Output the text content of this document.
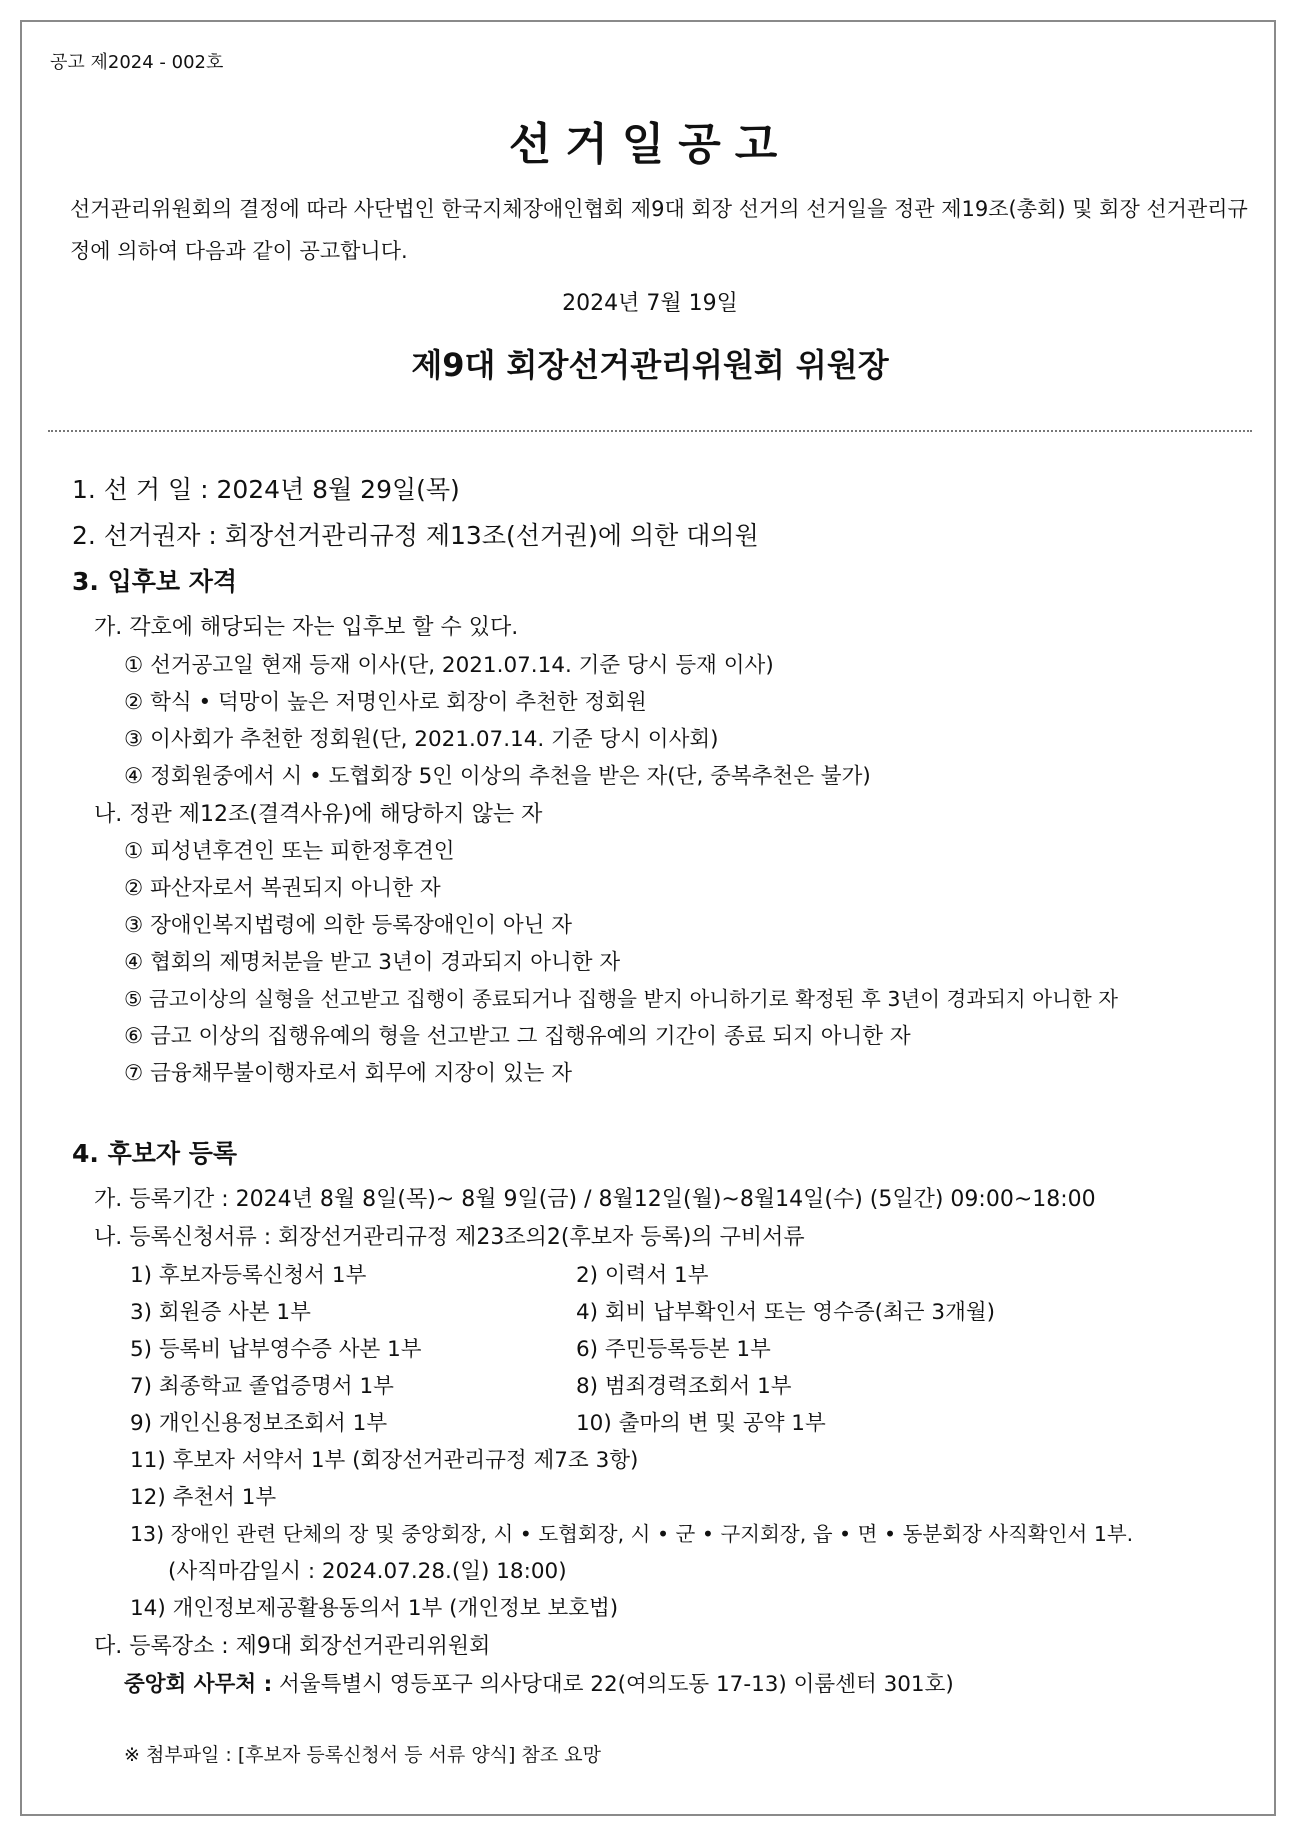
공고 제2024 - 002호
선거일공고
선거관리위원회의 결정에 따라 사단법인 한국지체장애인협회 제9대 회장 선거의 선거일을 정관 제19조(총회) 및 회장 선거관리규정에 의하여 다음과 같이 공고합니다.
2024년 7월 19일
제9대 회장선거관리위원회 위원장
1. 선 거 일 : 2024년 8월 29일(목)
2. 선거권자 : 회장선거관리규정 제13조(선거권)에 의한 대의원
3. 입후보 자격
가. 각호에 해당되는 자는 입후보 할 수 있다.
① 선거공고일 현재 등재 이사(단, 2021.07.14. 기준 당시 등재 이사)
② 학식 • 덕망이 높은 저명인사로 회장이 추천한 정회원
③ 이사회가 추천한 정회원(단, 2021.07.14. 기준 당시 이사회)
④ 정회원중에서 시 • 도협회장 5인 이상의 추천을 받은 자(단, 중복추천은 불가)
나. 정관 제12조(결격사유)에 해당하지 않는 자
① 피성년후견인 또는 피한정후견인
② 파산자로서 복권되지 아니한 자
③ 장애인복지법령에 의한 등록장애인이 아닌 자
④ 협회의 제명처분을 받고 3년이 경과되지 아니한 자
⑤ 금고이상의 실형을 선고받고 집행이 종료되거나 집행을 받지 아니하기로 확정된 후 3년이 경과되지 아니한 자
⑥ 금고 이상의 집행유예의 형을 선고받고 그 집행유예의 기간이 종료 되지 아니한 자
⑦ 금융채무불이행자로서 회무에 지장이 있는 자
4. 후보자 등록
가. 등록기간 : 2024년 8월 8일(목)~ 8월 9일(금) / 8월12일(월)~8월14일(수) (5일간) 09:00~18:00
나. 등록신청서류 : 회장선거관리규정 제23조의2(후보자 등록)의 구비서류
1) 후보자등록신청서 1부	2) 이력서 1부
3) 회원증 사본 1부	4) 회비 납부확인서 또는 영수증(최근 3개월)
5) 등록비 납부영수증 사본 1부	6) 주민등록등본 1부
7) 최종학교 졸업증명서 1부	8) 범죄경력조회서 1부
9) 개인신용정보조회서 1부	10) 출마의 변 및 공약 1부
11) 후보자 서약서 1부 (회장선거관리규정 제7조 3항)
12) 추천서 1부
13) 장애인 관련 단체의 장 및 중앙회장, 시 • 도협회장, 시 • 군 • 구지회장, 읍 • 면 • 동분회장 사직확인서 1부.
(사직마감일시 : 2024.07.28.(일) 18:00)
14) 개인정보제공활용동의서 1부 (개인정보 보호법)
다. 등록장소 : 제9대 회장선거관리위원회
중앙회 사무처 : 서울특별시 영등포구 의사당대로 22(여의도동 17-13) 이룸센터 301호)
※ 첨부파일 : [후보자 등록신청서 등 서류 양식] 참조 요망
